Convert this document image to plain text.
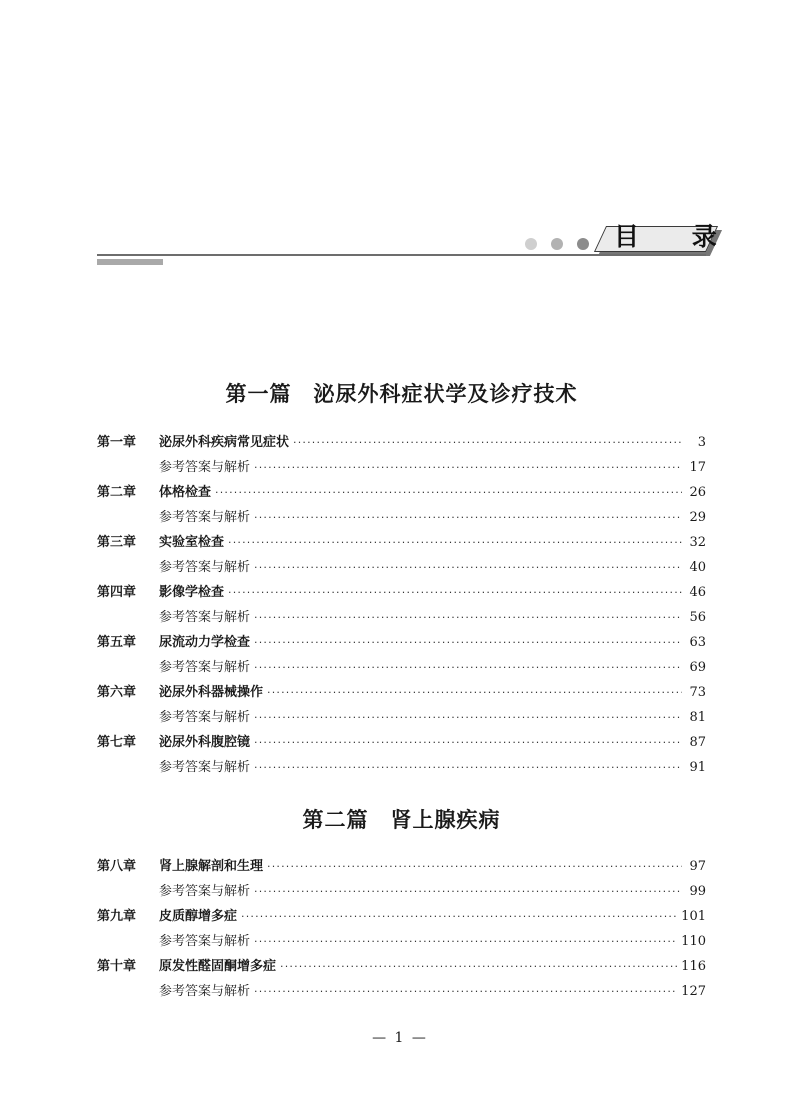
目 录
第一篇 泌尿外科症状学及诊疗技术
第一章	泌尿外科疾病常见症状 ·····	3
参考答案与解析 ·····	17
第二章	体格检查 ·····	26
参考答案与解析 ·····	29
第三章	实验室检查 ·····	32
参考答案与解析 ·····	40
第四章	影像学检查 ·····	46
参考答案与解析 ·····	56
第五章	尿流动力学检查 ·····	63
参考答案与解析 ·····	69
第六章	泌尿外科器械操作 ·····	73
参考答案与解析 ·····	81
第七章	泌尿外科腹腔镜 ·····	87
参考答案与解析 ·····	91
第二篇 肾上腺疾病
第八章	肾上腺解剖和生理 ·····	97
参考答案与解析 ·····	99
第九章	皮质醇增多症 ·····	101
参考答案与解析 ·····	110
第十章	原发性醛固酮增多症 ·····	116
参考答案与解析 ·····	127
— 1 —
